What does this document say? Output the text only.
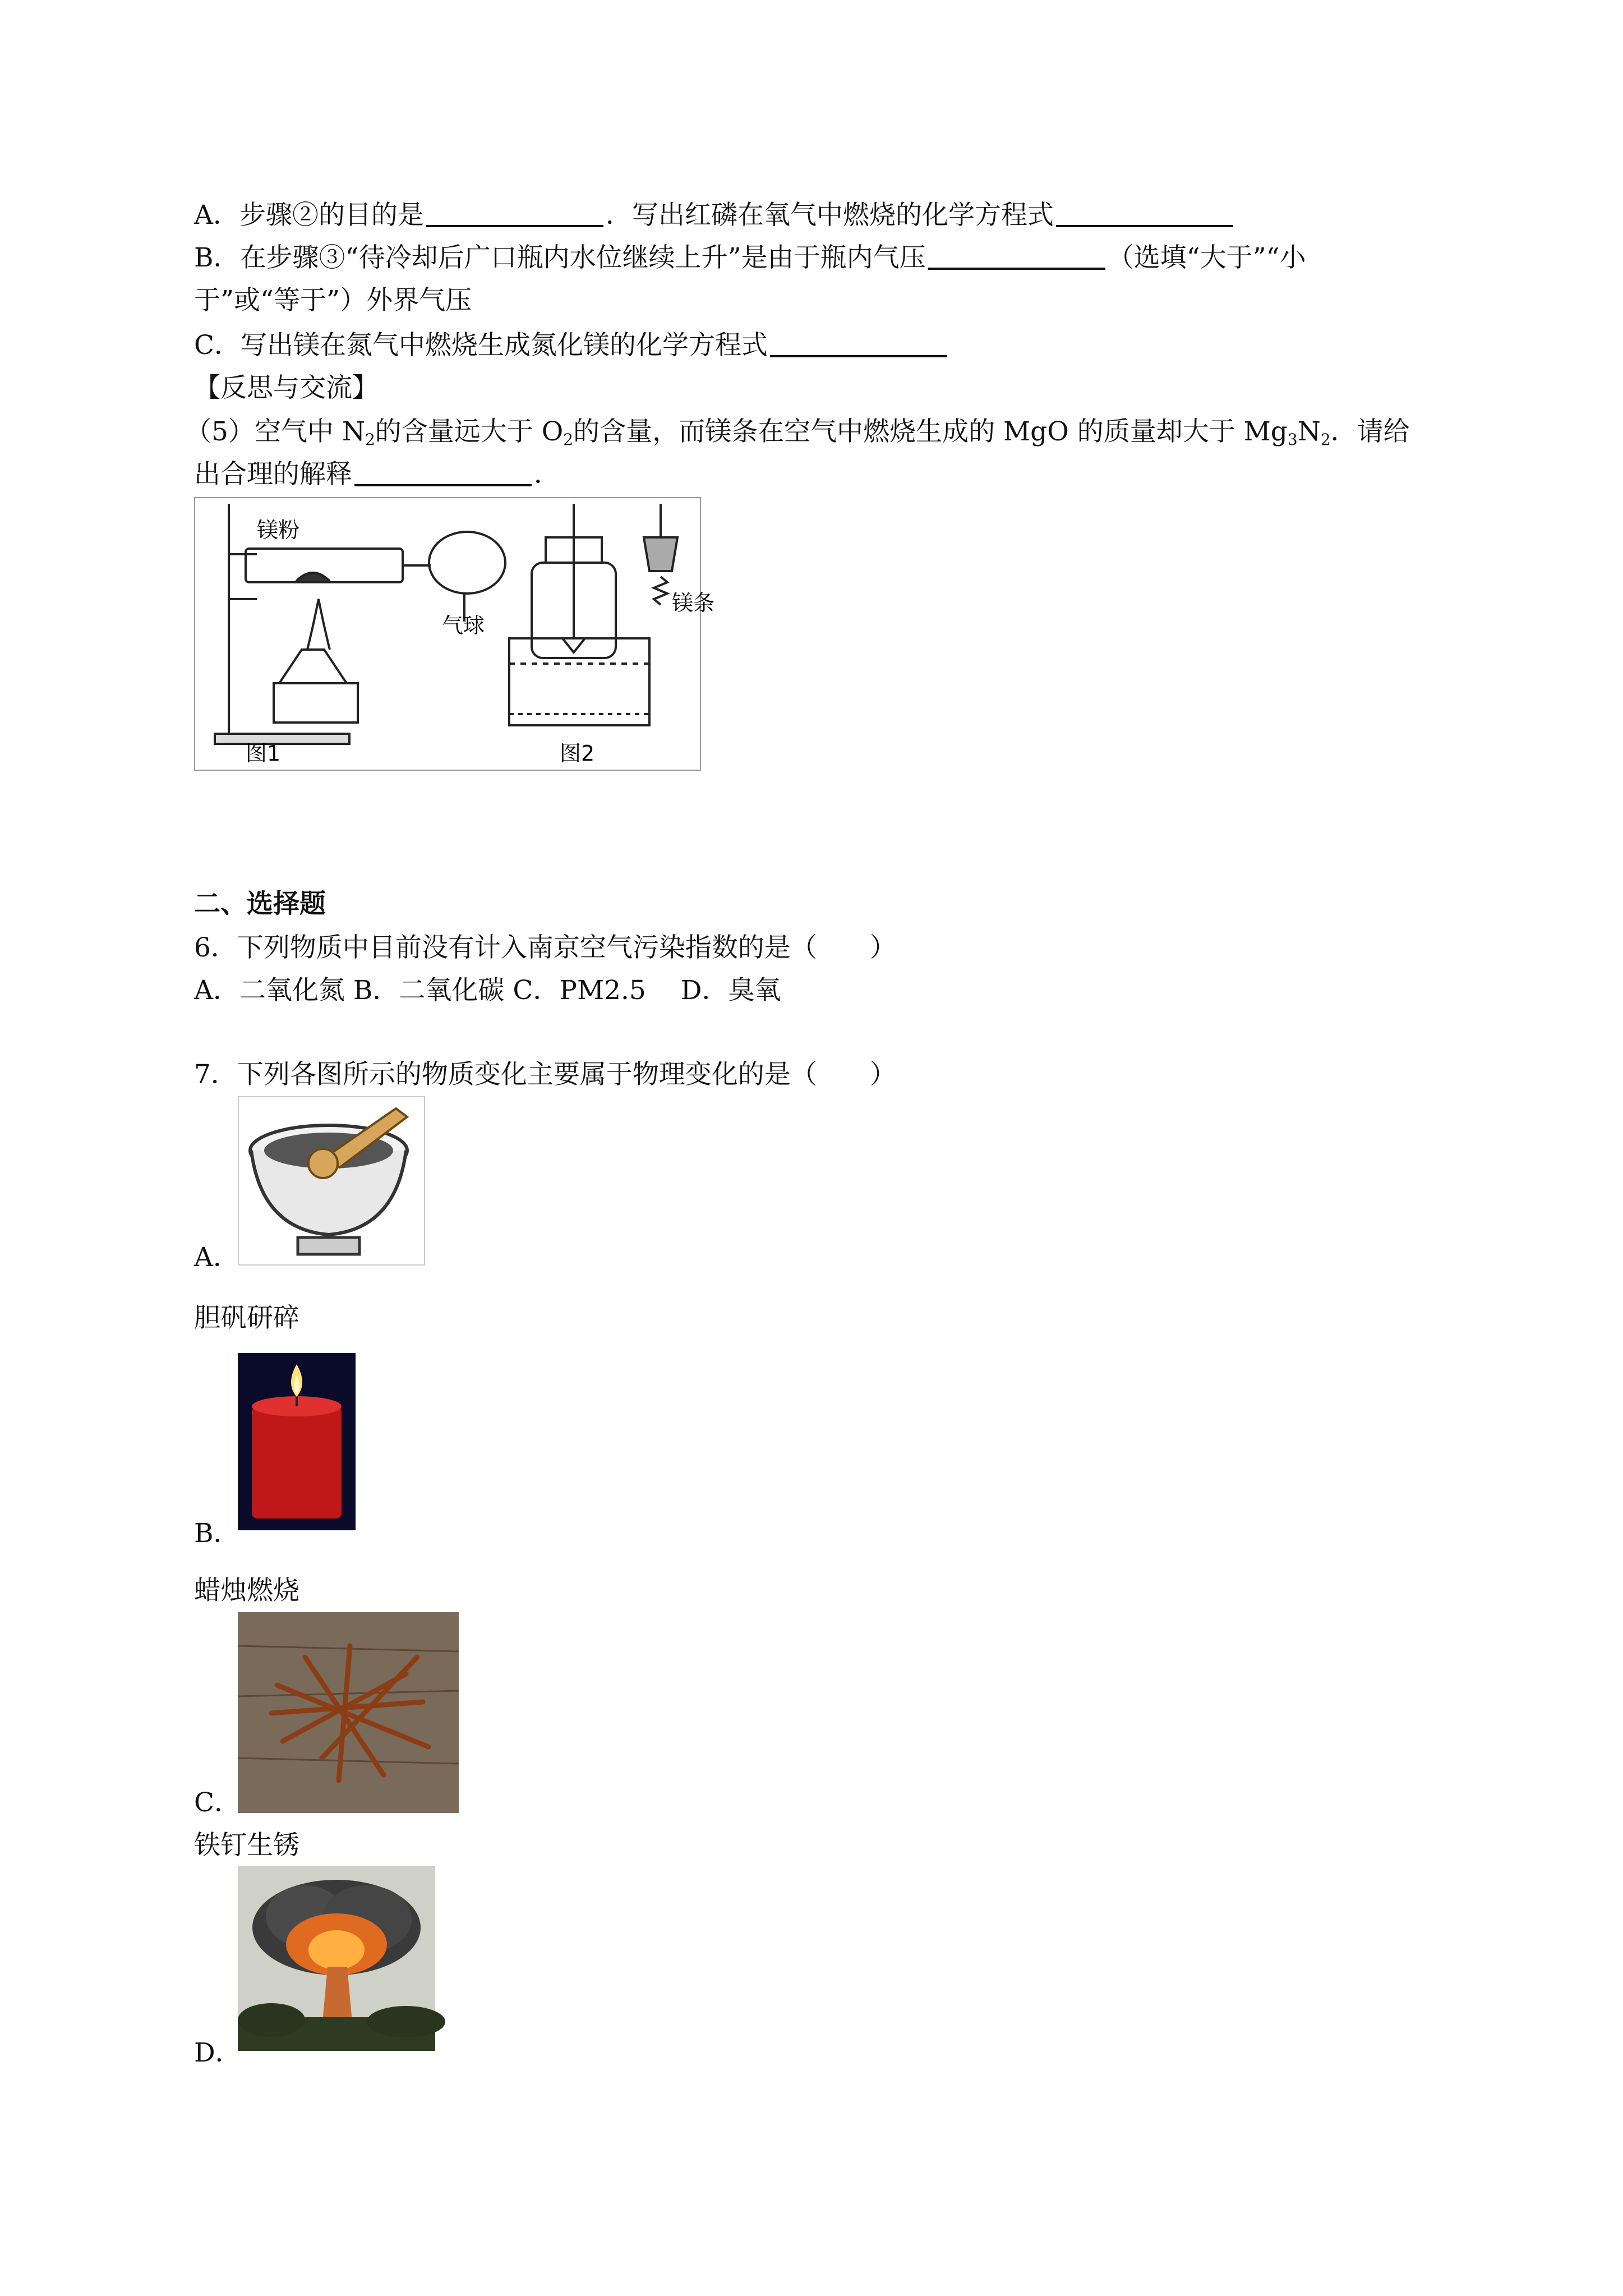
A．步骤②的目的是	．写出红磷在氧气中燃烧的化学方程式
B．在步骤③“待冷却后广口瓶内水位继续上升”是由于瓶内气压	（选填“大于”“小
于”或“等于”）外界气压
C．写出镁在氮气中燃烧生成氮化镁的化学方程式
【反思与交流】
（5）空气中 $N_2$的含量远大于 $O_2$的含量，而镁条在空气中燃烧生成的 MgO 的质量却大于 $Mg_3N_2$．请给
出合理的解释	．
镁粉
气球
镁条
图1	图2
二、选择题
6．下列物质中目前没有计入南京空气污染指数的是（　　）
A．二氧化氮 B．二氧化碳 C．PM2.5　 D．臭氧
7．下列各图所示的物质变化主要属于物理变化的是（　　）
A．
胆矾研碎
B．
蜡烛燃烧
C．
铁钉生锈
D．
